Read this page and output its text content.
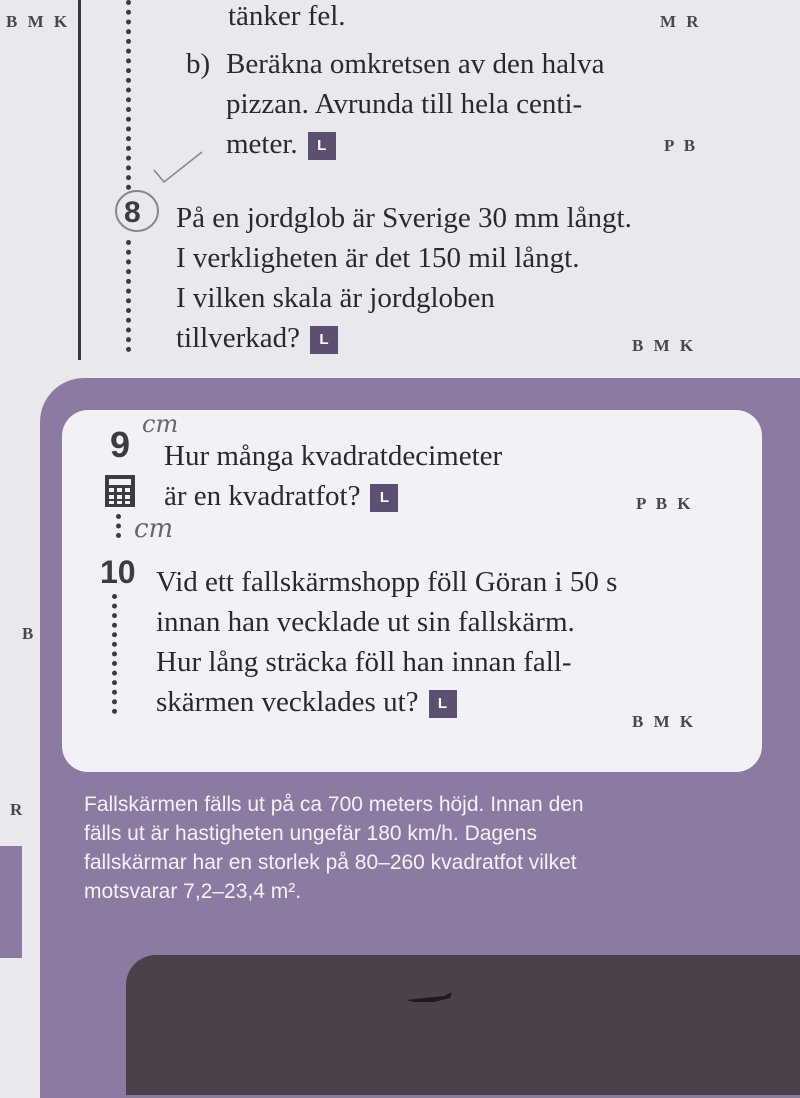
B M K	tänker fel.	M R
b) Beräkna omkretsen av den halva
pizzan. Avrunda till hela centi-
meter. L	P B
8 På en jordglob är Sverige 30 mm långt.
I verkligheten är det 150 mil långt.
I vilken skala är jordgloben
tillverkad? L	B M K
9 cm
Hur många kvadratdecimeter
är en kvadratfot? L	P B K
cm
10 Vid ett fallskärmshopp föll Göran i 50 s
innan han vecklade ut sin fallskärm.
Hur lång sträcka föll han innan fall-
skärmen vecklades ut? L
B M K
B
R	Fallskärmen fälls ut på ca 700 meters höjd. Innan den
fälls ut är hastigheten ungefär 180 km/h. Dagens
fallskärmar har en storlek på 80–260 kvadratfot vilket
motsvarar 7,2–23,4 m².
